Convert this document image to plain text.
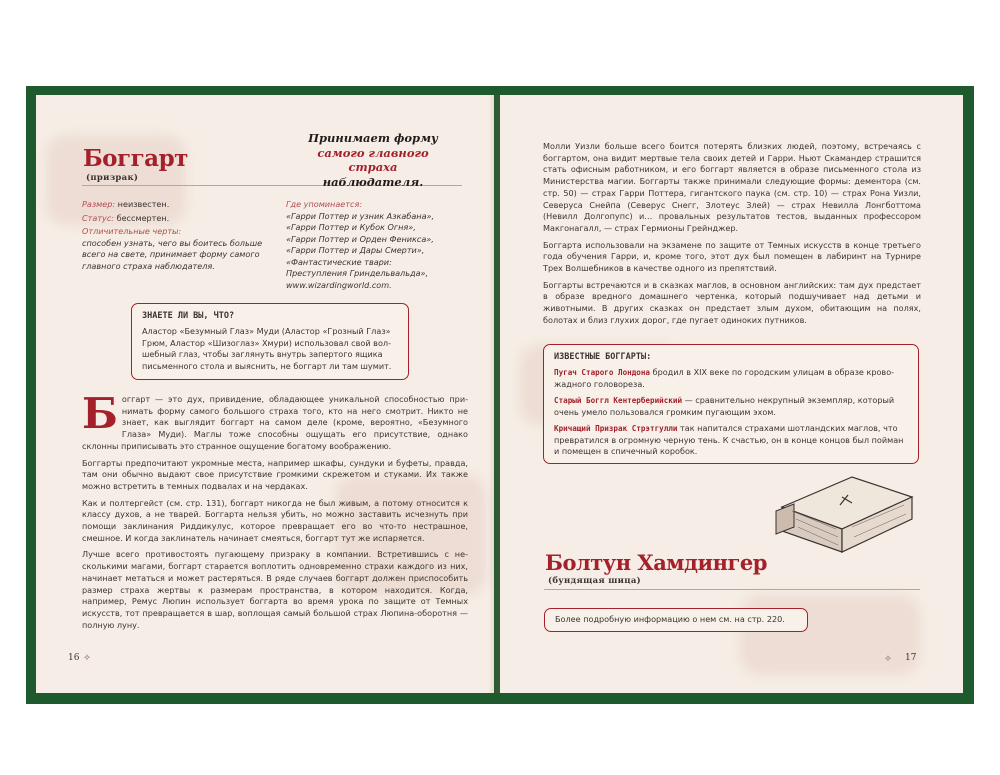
Боггарт
(призрак)
Принимает форму
самого главного страха
наблюдателя.
Размер: неизвестен.
Статус: бессмертен.
Отличительные черты:
способен узнать, чего вы боитесь больше всего на свете, принимает форму самого главного страха наблюдателя.
Где упоминается:
«Гарри Поттер и узник Азкабана»,
«Гарри Поттер и Кубок Огня»,
«Гарри Поттер и Орден Феникса»,
«Гарри Поттер и Дары Смерти»,
«Фантастические твари:
Преступления Гриндельвальда»,
www.wizardingworld.com.
ЗНАЕТЕ ЛИ ВЫ, ЧТО?
Аластор «Безумный Глаз» Муди (Аластор «Грозный Глаз» Грюм, Аластор «Шизоглаз» Хмури) использовал свой волшебный глаз, чтобы заглянуть внутрь запертого ящика письменного стола и выяснить, не боггарт ли там шумит.

Боггарт — это дух, привидение, обладающее уникальной способностью принимать форму самого большого страха того, кто на него смотрит. Никто не знает, как выглядит боггарт на самом деле (кроме, вероятно, «Безумного Глаза» Муди). Маглы тоже способны ощущать его присутствие, однако склонны приписывать это странное ощущение богатому воображению.

Боггарты предпочитают укромные места, например шкафы, сундуки и буфеты, правда, там они обычно выдают свое присутствие громкими скрежетом и стуками. Их также можно встретить в темных подвалах и на чердаках.

Как и полтергейст (см. стр. 131), боггарт никогда не был живым, а потому относится к классу духов, а не тварей. Боггарта нельзя убить, но можно заставить исчезнуть при помощи заклинания Риддикулус, которое превращает его во что-то нестрашное, смешное. И когда заклинатель начинает смеяться, боггарт тут же испаряется.

Лучше всего противостоять пугающему призраку в компании. Встретившись с несколькими магами, боггарт старается воплотить одновременно страхи каждого из них, начинает метаться и может растеряться. В ряде случаев боггарт должен приспособить размер страха жертвы к размерам пространства, в котором находится. Когда, например, Ремус Люпин использует боггарта во время урока по защите от Темных искусств, тот превращается в шар, воплощая самый большой страх Люпина-оборотня — полную луну.

16 ⟡

Молли Уизли больше всего боится потерять близких людей, поэтому, встречаясь с боггартом, она видит мертвые тела своих детей и Гарри. Ньют Скамандер страшится стать офисным работником, и его боггарт является в образе письменного стола из Министерства магии. Боггарты также принимали следующие формы: дементора (см. стр. 50) — страх Гарри Поттера, гигантского паука (см. стр. 10) — страх Рона Уизли, Северуса Снейпа (Северус Снегг, Злотеус Злей) — страх Невилла Лонгботтома (Невилл Долгопупс) и… провальных результатов тестов, выданных профессором Макгонагалл, — страх Гермионы Грейнджер.

Боггарта использовали на экзамене по защите от Темных искусств в конце третьего года обучения Гарри, и, кроме того, этот дух был помещен в лабиринт на Турнире Трех Волшебников в качестве одного из препятствий.

Боггарты встречаются и в сказках маглов, в основном английских: там дух предстает в образе вредного домашнего чертенка, который подшучивает над детьми и животными. В других сказках он предстает злым духом, обитающим на полях, болотах и близ глухих дорог, где пугает одиноких путников.

ИЗВЕСТНЫЕ БОГГАРТЫ:

Пугач Старого Лондона бродил в XIX веке по городским улицам в образе кровожадного головореза.

Старый Боггл Кентерберийский — сравнительно некрупный экземпляр, который очень умело пользовался громким пугающим эхом.

Кричащий Призрак Стрэтгулли так напитался страхами шотландских маглов, что превратился в огромную черную тень. К счастью, он в конце концов был пойман и помещен в спичечный коробок.

Болтун Хамдингер
(бундящая шица)
Более подробную информацию о нем см. на стр. 220.
⟡ 17
